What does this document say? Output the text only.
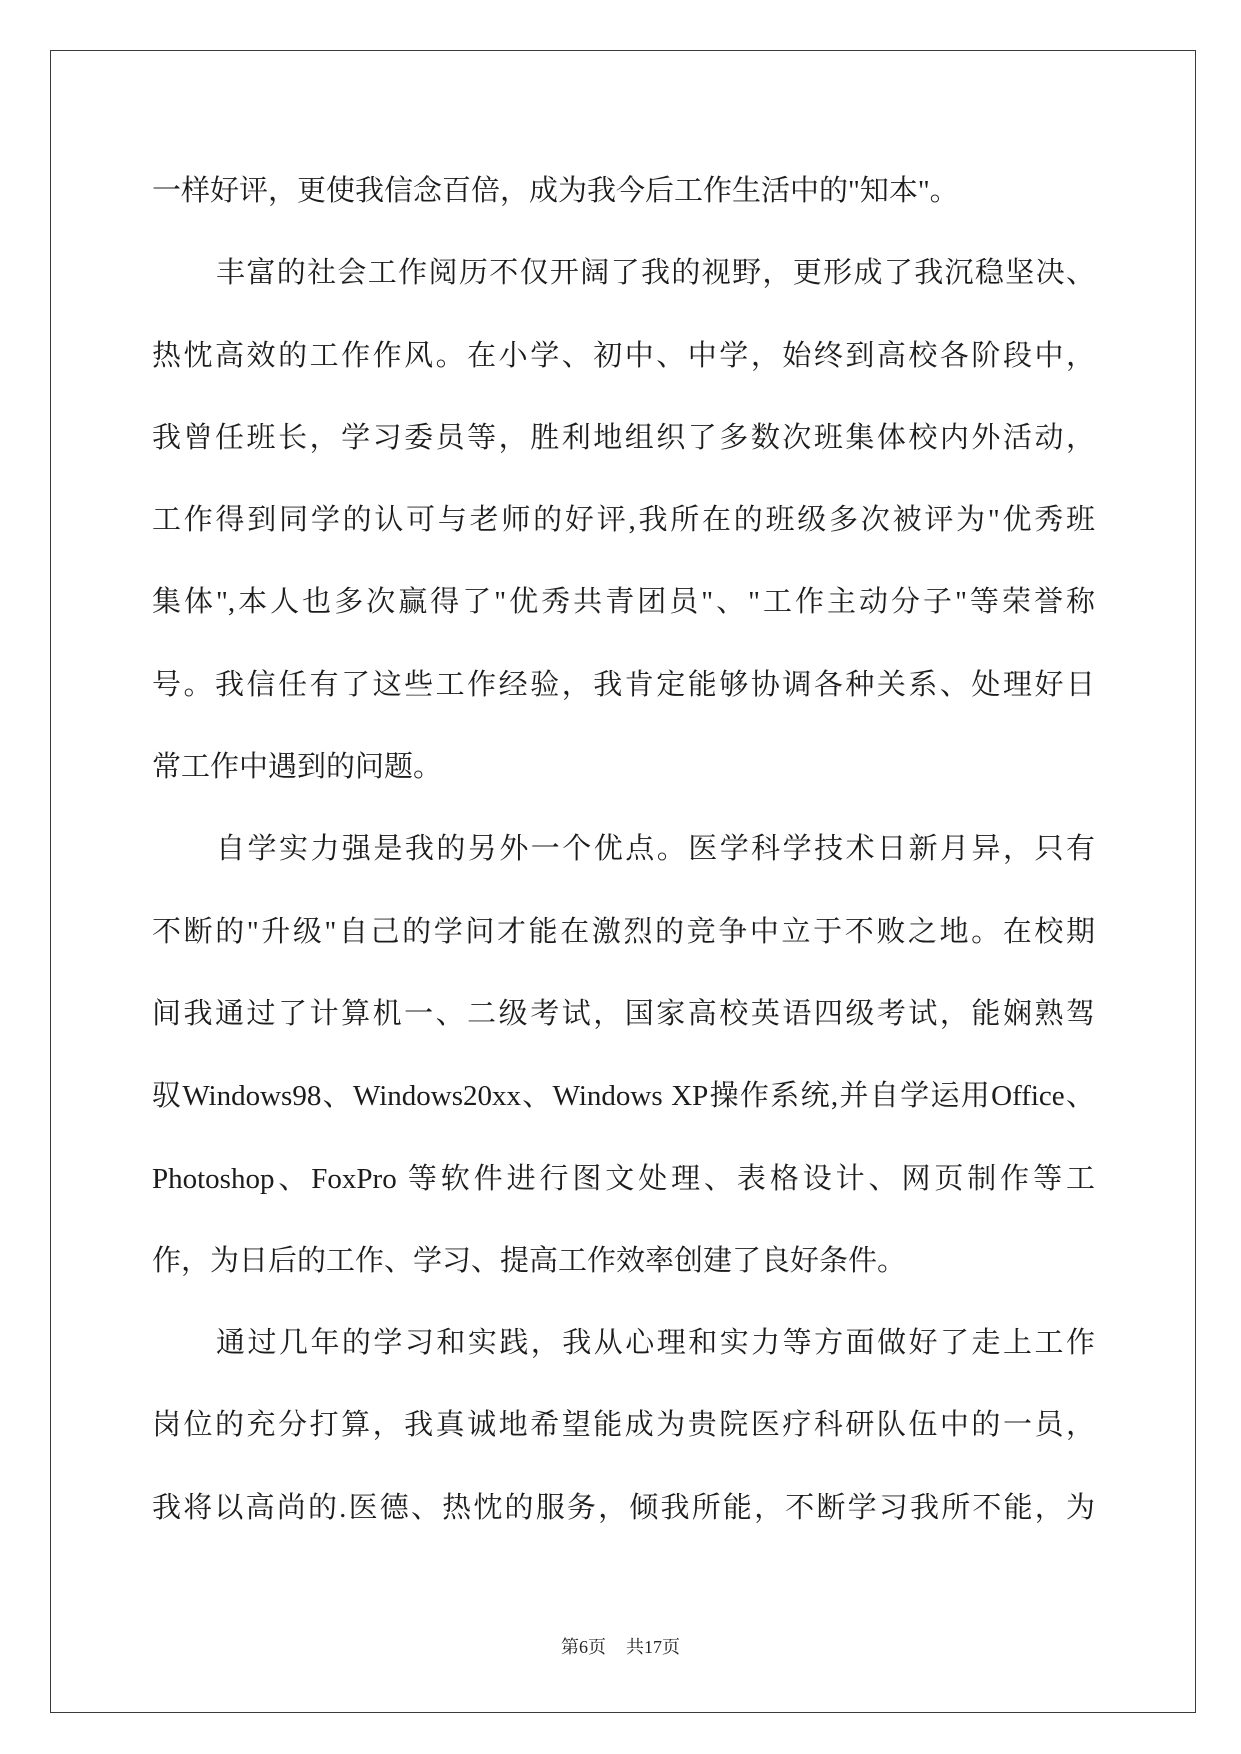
一样好评，更使我信念百倍，成为我今后工作生活中的"知本"。
丰富的社会工作阅历不仅开阔了我的视野，更形成了我沉稳坚决、
热忱高效的工作作风。在小学、初中、中学，始终到高校各阶段中，
我曾任班长，学习委员等，胜利地组织了多数次班集体校内外活动，
工作得到同学的认可与老师的好评,我所在的班级多次被评为"优秀班
集体",本人也多次赢得了"优秀共青团员"、"工作主动分子"等荣誉称
号。我信任有了这些工作经验，我肯定能够协调各种关系、处理好日
常工作中遇到的问题。
自学实力强是我的另外一个优点。医学科学技术日新月异，只有
不断的"升级"自己的学问才能在激烈的竞争中立于不败之地。在校期
间我通过了计算机一、二级考试，国家高校英语四级考试，能娴熟驾
驭Windows98、Windows20xx、Windows XP操作系统,并自学运用Office、
Photoshop、FoxPro 等软件进行图文处理、表格设计、网页制作等工
作，为日后的工作、学习、提高工作效率创建了良好条件。
通过几年的学习和实践，我从心理和实力等方面做好了走上工作
岗位的充分打算，我真诚地希望能成为贵院医疗科研队伍中的一员，
我将以高尚的.医德、热忱的服务，倾我所能，不断学习我所不能，为
第6页 共17页
